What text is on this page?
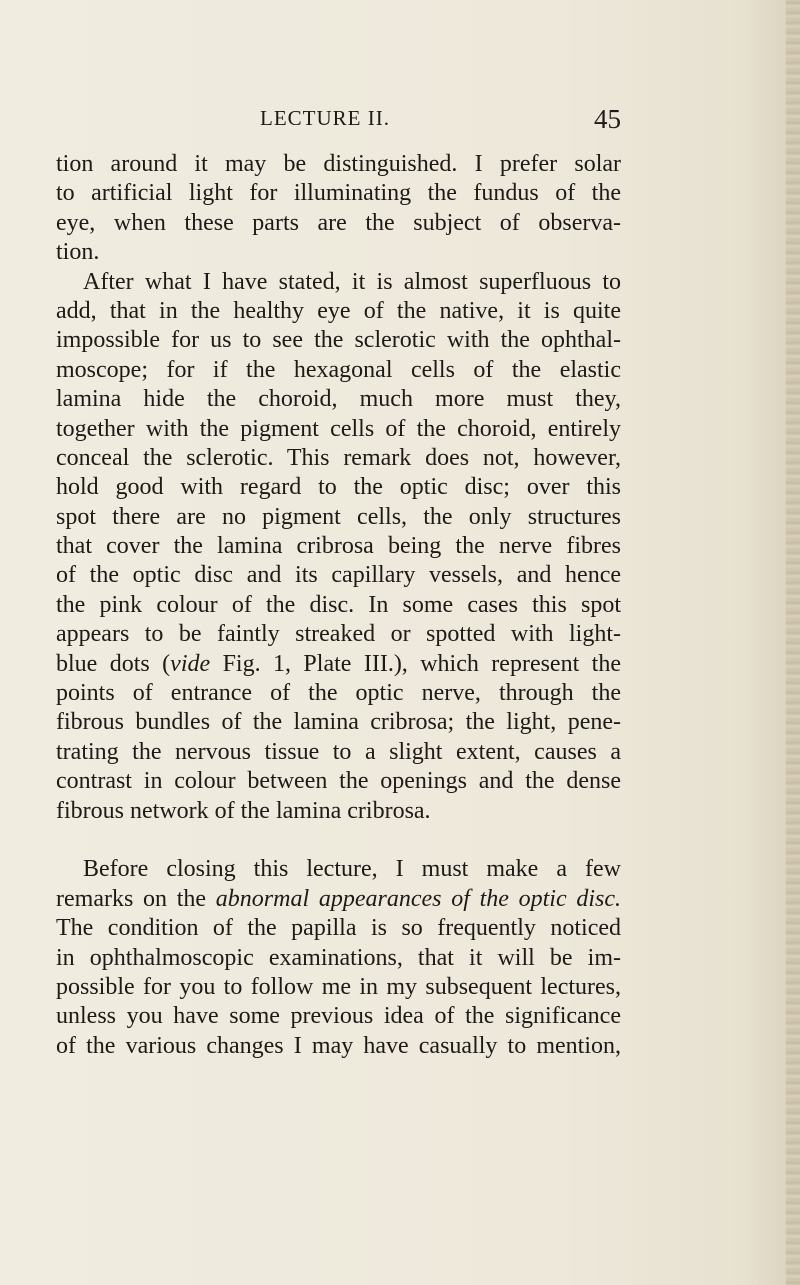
LECTURE II.	45
tion around it may be distinguished. I prefer solar
to artificial light for illuminating the fundus of the
eye, when these parts are the subject of observa-
tion.
After what I have stated, it is almost superfluous to
add, that in the healthy eye of the native, it is quite
impossible for us to see the sclerotic with the ophthal-
moscope; for if the hexagonal cells of the elastic
lamina hide the choroid, much more must they,
together with the pigment cells of the choroid, entirely
conceal the sclerotic. This remark does not, however,
hold good with regard to the optic disc; over this
spot there are no pigment cells, the only structures
that cover the lamina cribrosa being the nerve fibres
of the optic disc and its capillary vessels, and hence
the pink colour of the disc. In some cases this spot
appears to be faintly streaked or spotted with light-
blue dots (vide Fig. 1, Plate III.), which represent the
points of entrance of the optic nerve, through the
fibrous bundles of the lamina cribrosa; the light, pene-
trating the nervous tissue to a slight extent, causes a
contrast in colour between the openings and the dense
fibrous network of the lamina cribrosa.
Before closing this lecture, I must make a few
remarks on the abnormal appearances of the optic disc.
The condition of the papilla is so frequently noticed
in ophthalmoscopic examinations, that it will be im-
possible for you to follow me in my subsequent lectures,
unless you have some previous idea of the significance
of the various changes I may have casually to mention,
